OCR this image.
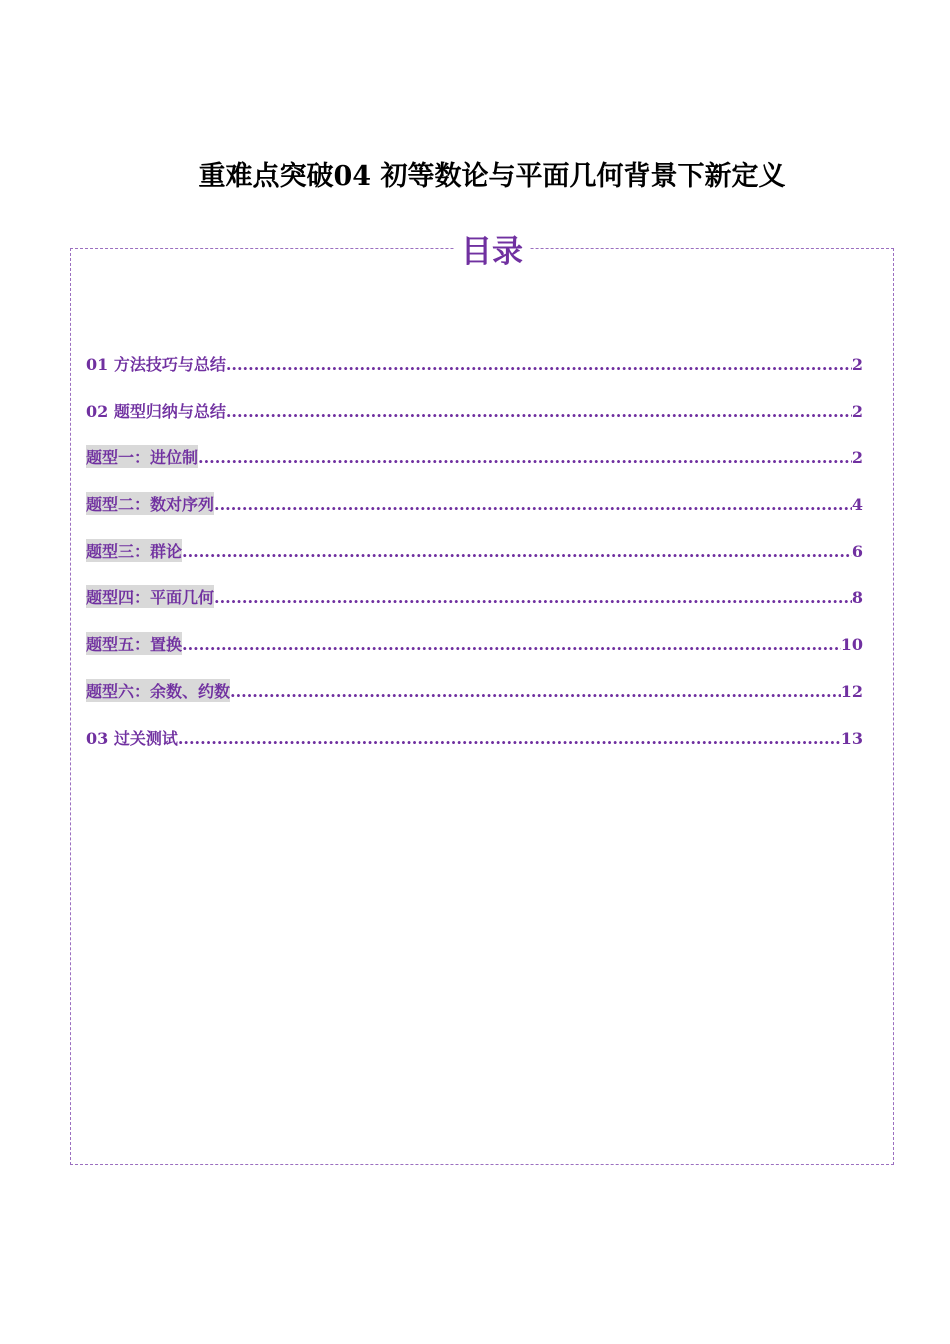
重难点突破04 初等数论与平面几何背景下新定义
目录
01 方法技巧与总结 .....	2
02 题型归纳与总结 .....	2
题型一：进位制 .....	2
题型二：数对序列 .....	4
题型三：群论 .....	6
题型四：平面几何 .....	8
题型五：置换 .....	10
题型六：余数、约数 .....	12
03 过关测试 .....	13
